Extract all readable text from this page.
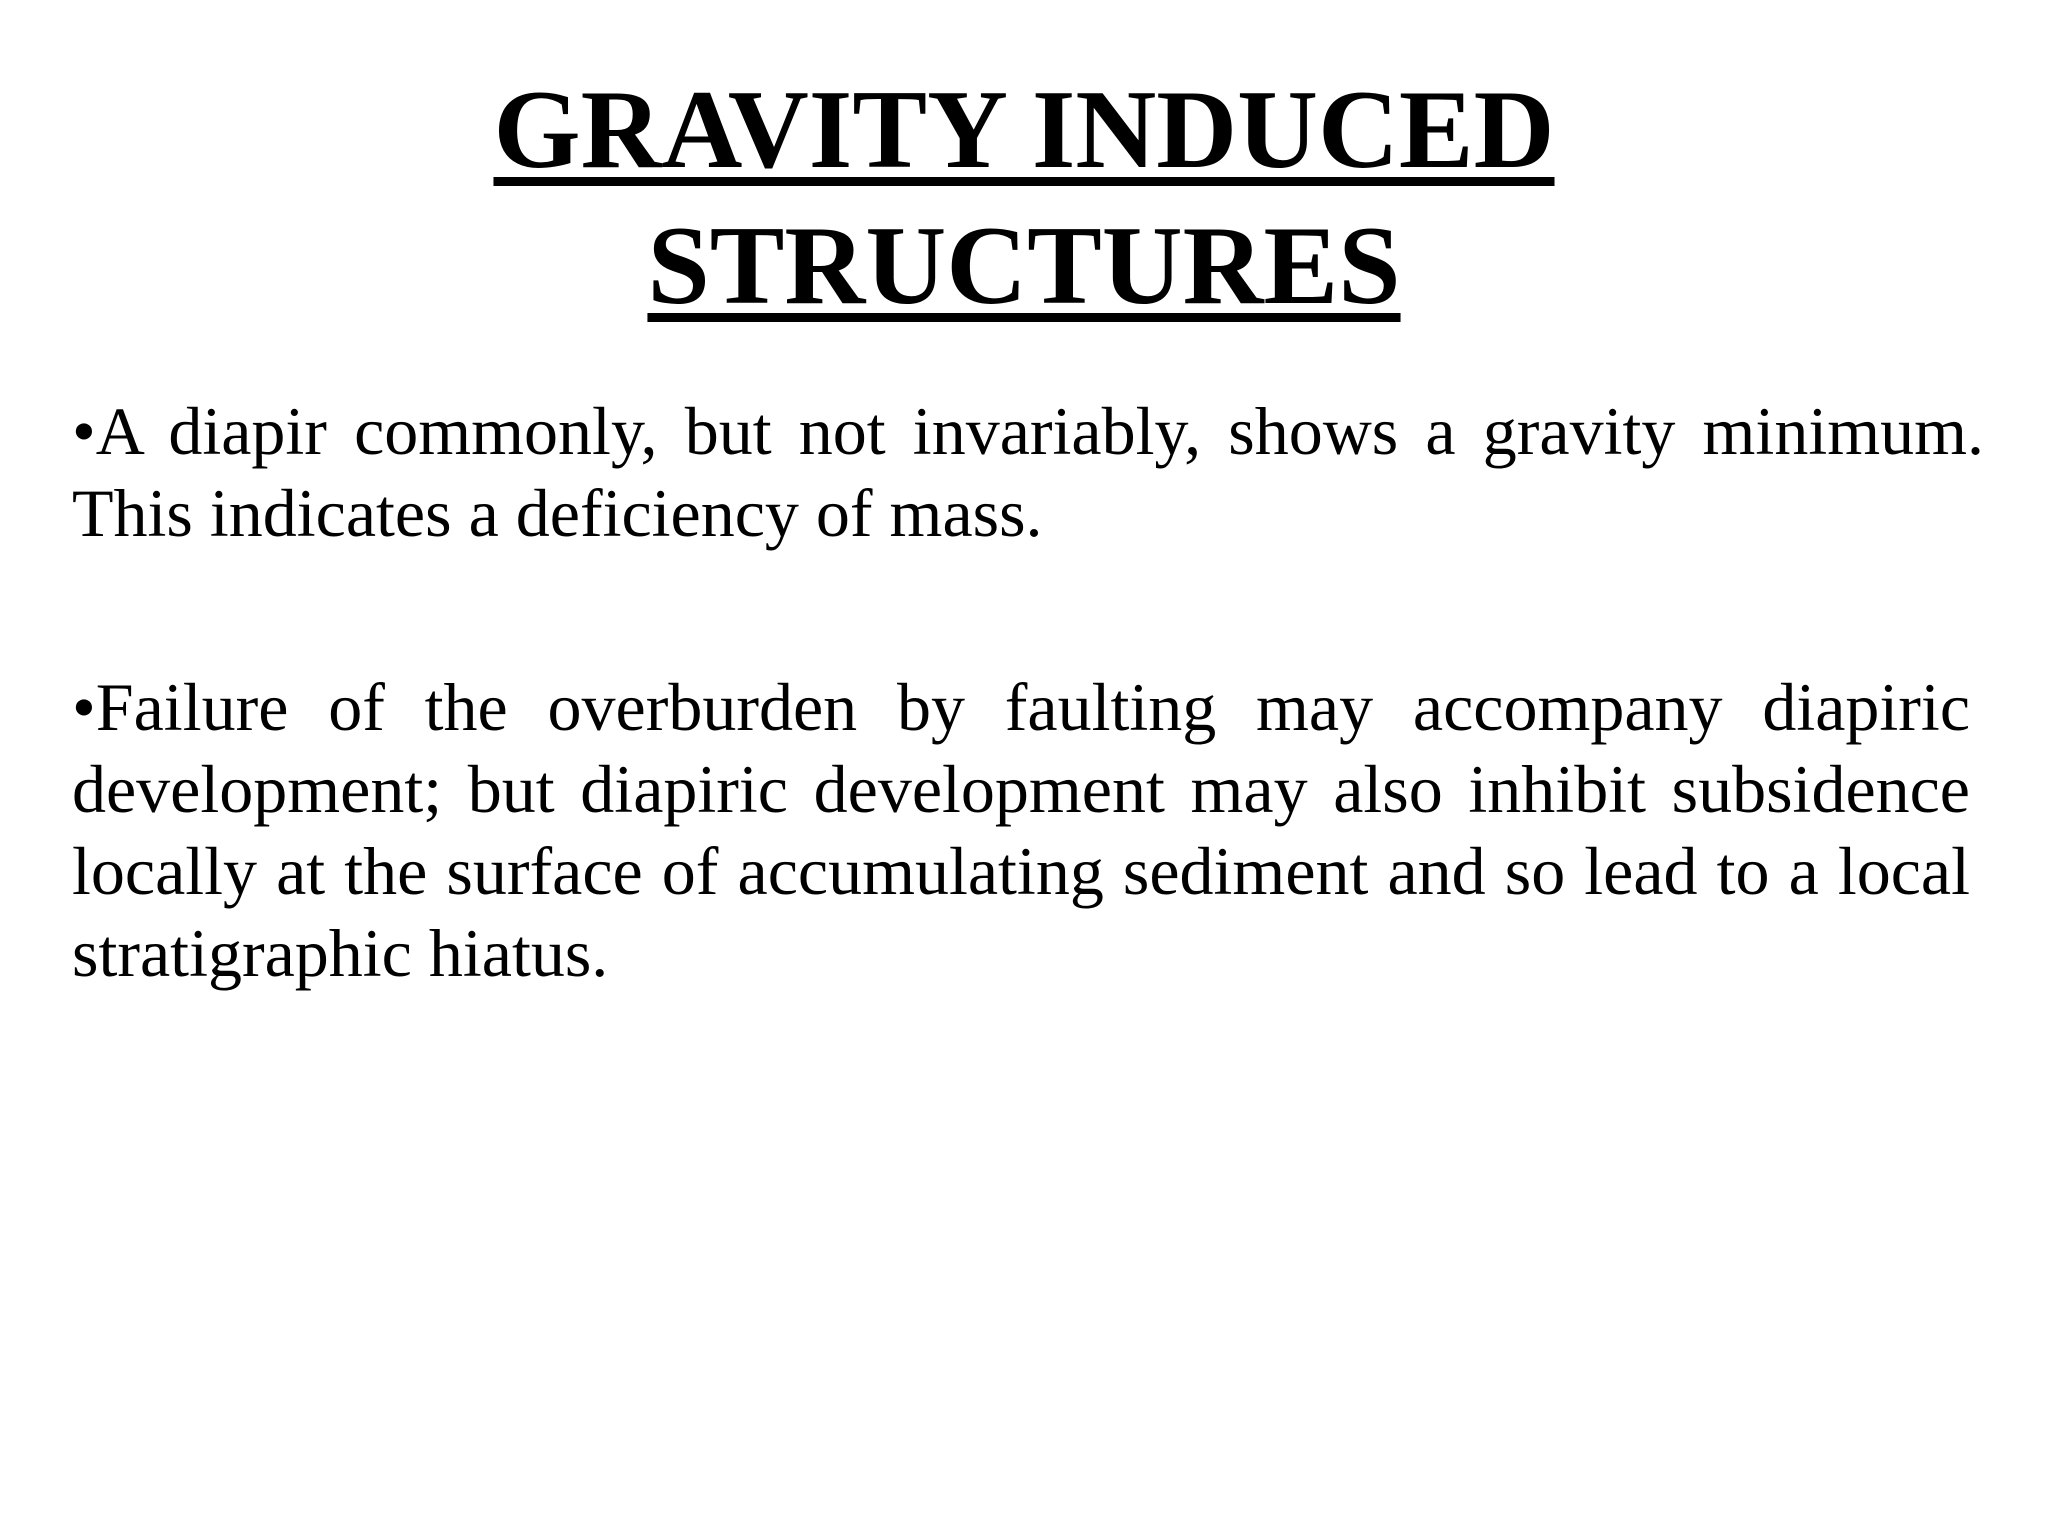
GRAVITY INDUCED
STRUCTURES

•A diapir commonly, but not invariably, shows a gravity minimum. This indicates a deficiency of mass.

•Failure of the overburden by faulting may accompany diapiric development; but diapiric development may also inhibit subsidence locally at the surface of accumulating sediment and so lead to a local stratigraphic hiatus.
